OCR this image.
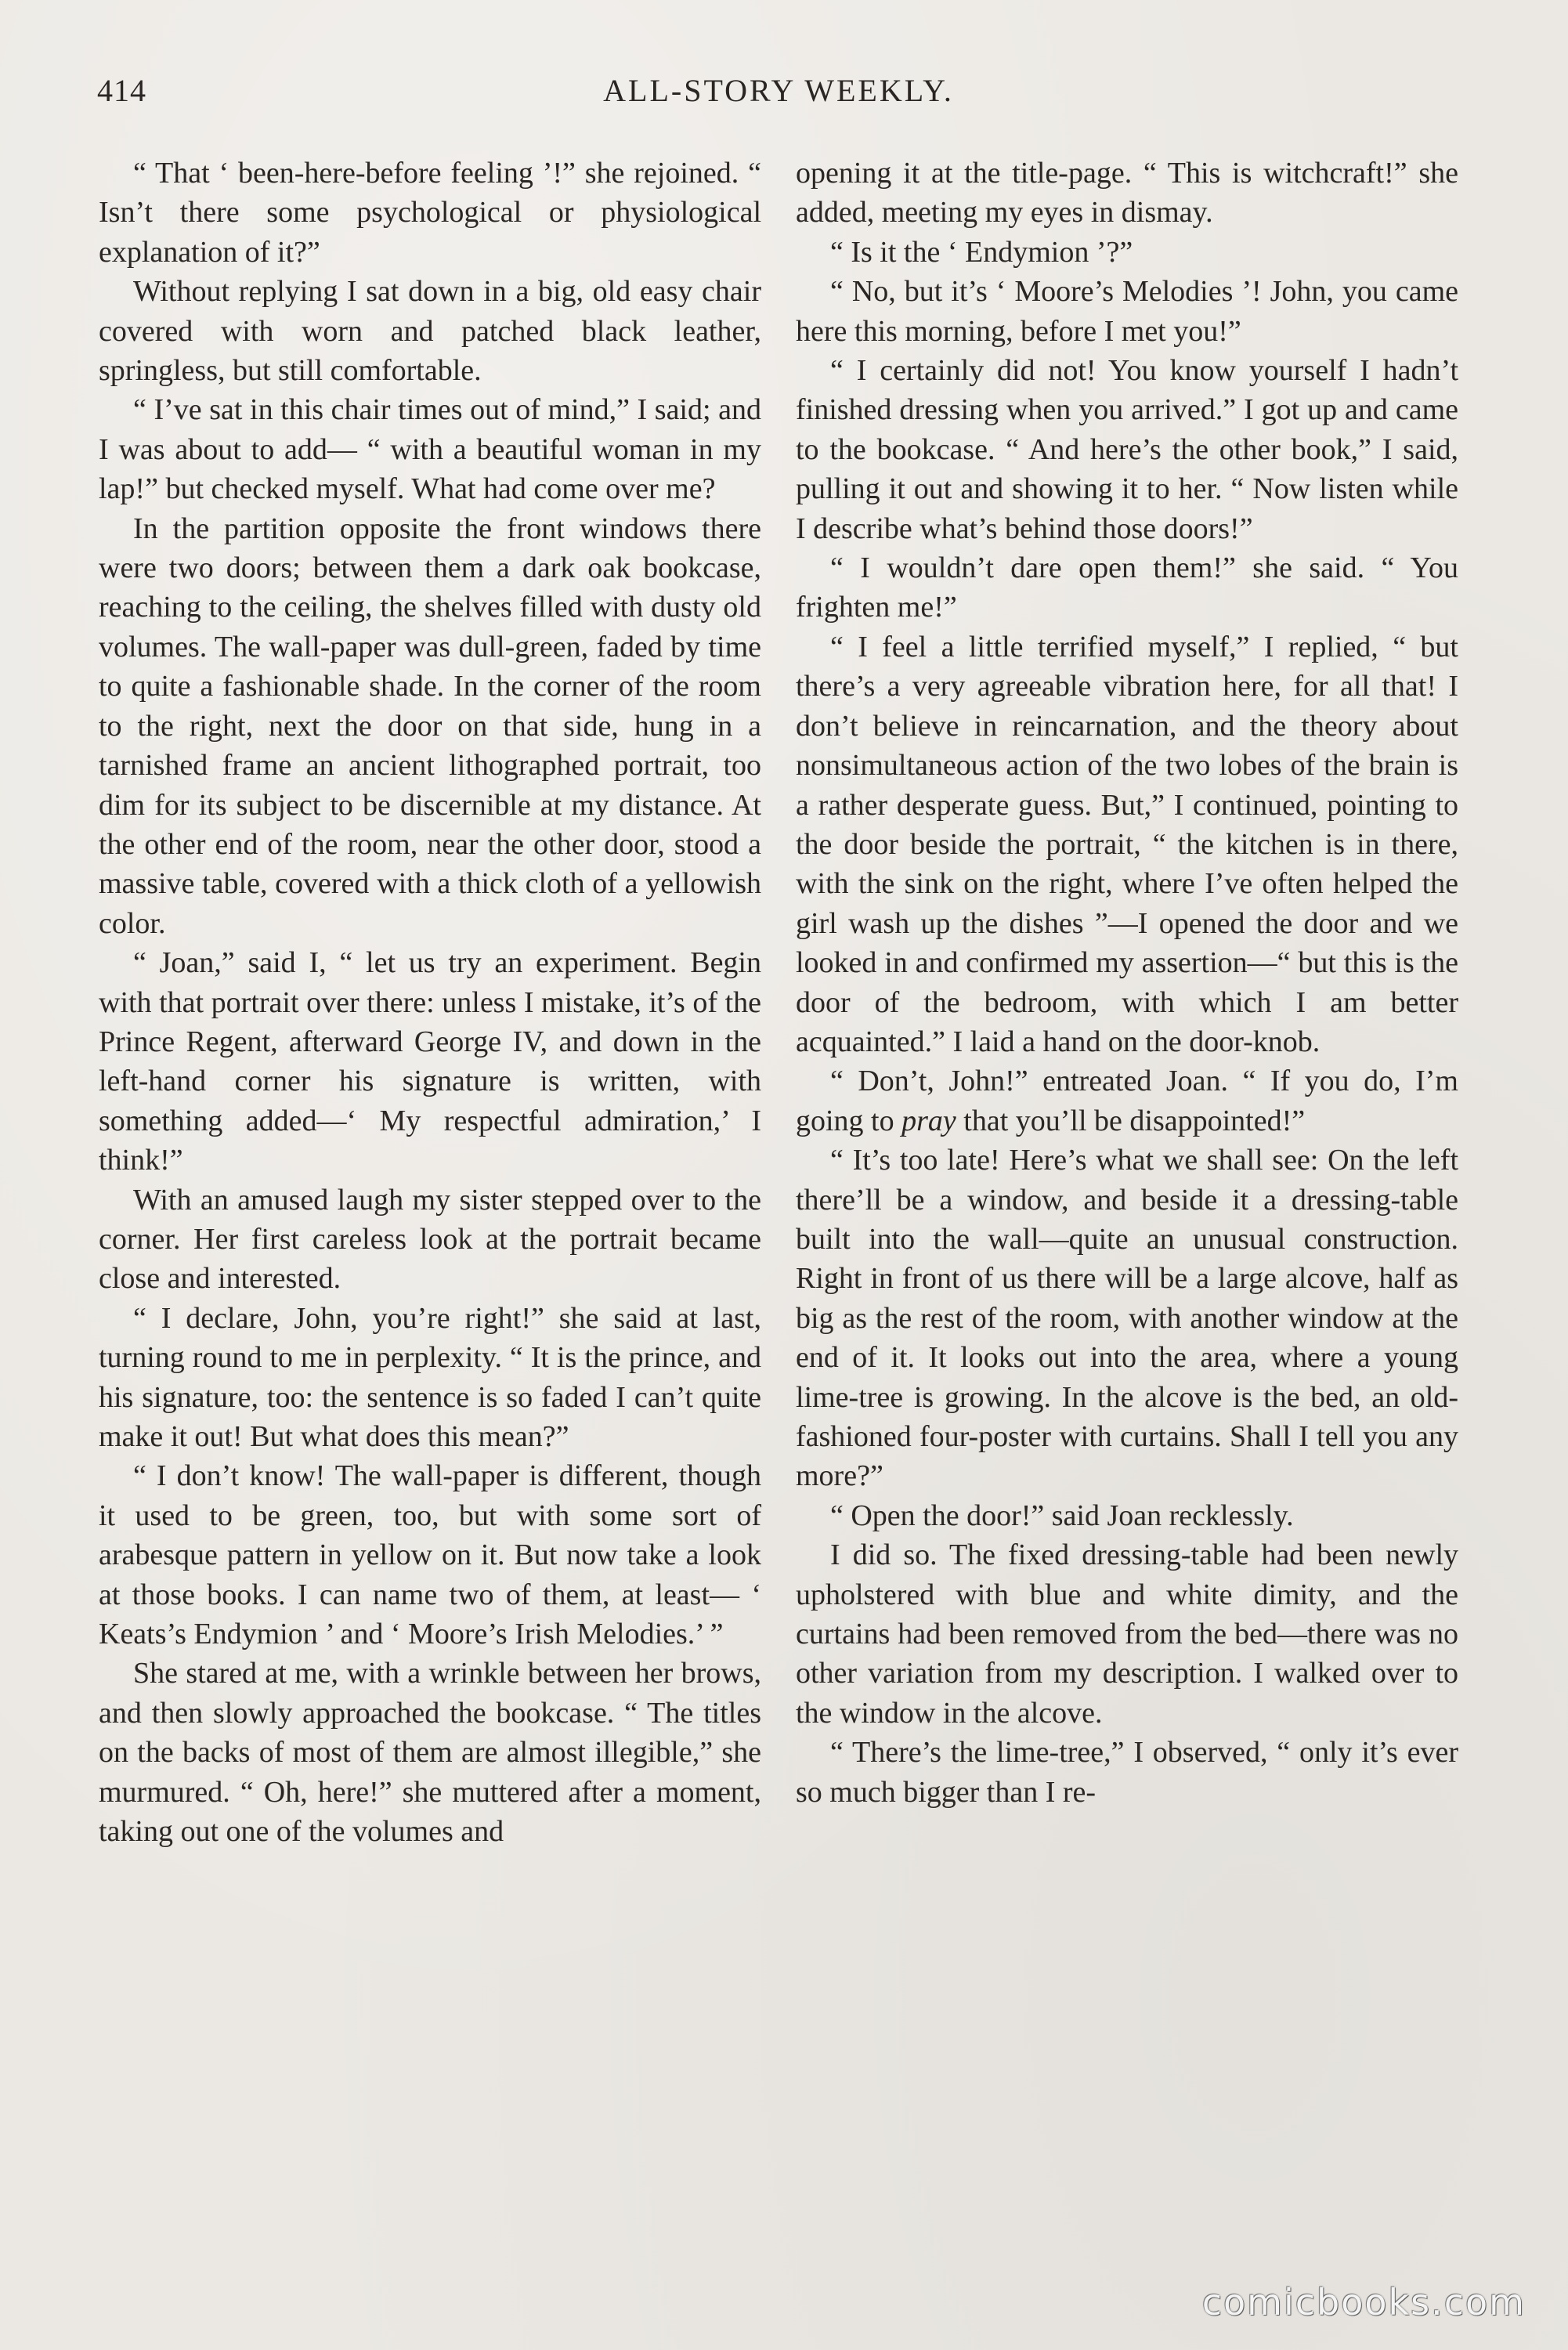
414	ALL-STORY WEEKLY.

“ That ‘ been-here-before feeling ’!” she rejoined. “ Isn’t there some psychological or physiological explanation of it?”

Without replying I sat down in a big, old easy chair covered with worn and patched black leather, springless, but still comfortable.

“ I’ve sat in this chair times out of mind,” I said; and I was about to add— “ with a beautiful woman in my lap!” but checked myself. What had come over me?

In the partition opposite the front windows there were two doors; between them a dark oak bookcase, reaching to the ceiling, the shelves filled with dusty old volumes. The wall-paper was dull-green, faded by time to quite a fashionable shade. In the corner of the room to the right, next the door on that side, hung in a tarnished frame an ancient lithographed portrait, too dim for its subject to be discernible at my distance. At the other end of the room, near the other door, stood a massive table, covered with a thick cloth of a yellowish color.

“ Joan,” said I, “ let us try an experiment. Begin with that portrait over there: unless I mistake, it’s of the Prince Regent, afterward George IV, and down in the left-hand corner his signature is written, with something added—‘ My respectful admiration,’ I think!”

With an amused laugh my sister stepped over to the corner. Her first careless look at the portrait became close and interested.

“ I declare, John, you’re right!” she said at last, turning round to me in perplexity. “ It is the prince, and his signature, too: the sentence is so faded I can’t quite make it out! But what does this mean?”

“ I don’t know! The wall-paper is different, though it used to be green, too, but with some sort of arabesque pattern in yellow on it. But now take a look at those books. I can name two of them, at least— ‘ Keats’s Endymion ’ and ‘ Moore’s Irish Melodies.’ ”

She stared at me, with a wrinkle between her brows, and then slowly approached the bookcase. “ The titles on the backs of most of them are almost illegible,” she murmured. “ Oh, here!” she muttered after a moment, taking out one of the volumes and

opening it at the title-page. “ This is witchcraft!” she added, meeting my eyes in dismay.

“ Is it the ‘ Endymion ’?”

“ No, but it’s ‘ Moore’s Melodies ’! John, you came here this morning, before I met you!”

“ I certainly did not! You know yourself I hadn’t finished dressing when you arrived.” I got up and came to the bookcase. “ And here’s the other book,” I said, pulling it out and showing it to her. “ Now listen while I describe what’s behind those doors!”

“ I wouldn’t dare open them!” she said. “ You frighten me!”

“ I feel a little terrified myself,” I replied, “ but there’s a very agreeable vibration here, for all that! I don’t believe in reincarnation, and the theory about nonsimultaneous action of the two lobes of the brain is a rather desperate guess. But,” I continued, pointing to the door beside the portrait, “ the kitchen is in there, with the sink on the right, where I’ve often helped the girl wash up the dishes ”—I opened the door and we looked in and confirmed my assertion—“ but this is the door of the bedroom, with which I am better acquainted.” I laid a hand on the door-knob.

“ Don’t, John!” entreated Joan. “ If you do, I’m going to pray that you’ll be disappointed!”

“ It’s too late! Here’s what we shall see: On the left there’ll be a window, and beside it a dressing-table built into the wall—quite an unusual construction. Right in front of us there will be a large alcove, half as big as the rest of the room, with another window at the end of it. It looks out into the area, where a young lime-tree is growing. In the alcove is the bed, an old-fashioned four-poster with curtains. Shall I tell you any more?”

“ Open the door!” said Joan recklessly.

I did so. The fixed dressing-table had been newly upholstered with blue and white dimity, and the curtains had been removed from the bed—there was no other variation from my description. I walked over to the window in the alcove.

“ There’s the lime-tree,” I observed, “ only it’s ever so much bigger than I re-

comicbooks.com
